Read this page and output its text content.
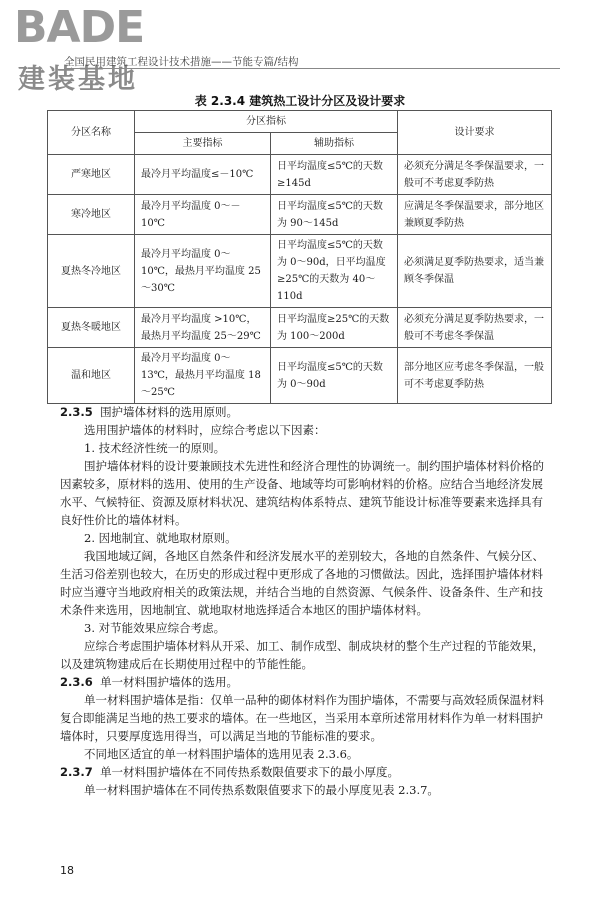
BADE
建装基地
全国民用建筑工程设计技术措施——节能专篇/结构
表 2.3.4 建筑热工设计分区及设计要求
分区名称	分区指标		设计要求
	主要指标	辅助指标	
严寒地区	最冷月平均温度≤－10℃	日平均温度≤5℃的天数≥145d	必须充分满足冬季保温要求，一般可不考虑夏季防热
寒冷地区	最冷月平均温度 0～－10℃	日平均温度≤5℃的天数为 90～145d	应满足冬季保温要求，部分地区兼顾夏季防热
夏热冬冷地区	最冷月平均温度 0～10℃，最热月平均温度 25～30℃	日平均温度≤5℃的天数为 0～90d，日平均温度≥25℃的天数为 40～110d	必须满足夏季防热要求，适当兼顾冬季保温
夏热冬暖地区	最冷月平均温度 >10℃，最热月平均温度 25～29℃	日平均温度≥25℃的天数为 100～200d	必须充分满足夏季防热要求，一般可不考虑冬季保温
温和地区	最冷月平均温度 0～13℃，最热月平均温度 18～25℃	日平均温度≤5℃的天数为 0～90d	部分地区应考虑冬季保温，一般可不考虑夏季防热

2.3.5 围护墙体材料的选用原则。

选用围护墙体的材料时，应综合考虑以下因素：

1. 技术经济性统一的原则。

围护墙体材料的设计要兼顾技术先进性和经济合理性的协调统一。制约围护墙体材料价格的因素较多，原材料的选用、使用的生产设备、地域等均可影响材料的价格。应结合当地经济发展水平、气候特征、资源及原材料状况、建筑结构体系特点、建筑节能设计标准等要素来选择具有良好性价比的墙体材料。

2. 因地制宜、就地取材原则。

我国地域辽阔，各地区自然条件和经济发展水平的差别较大，各地的自然条件、气候分区、生活习俗差别也较大，在历史的形成过程中更形成了各地的习惯做法。因此，选择围护墙体材料时应当遵守当地政府相关的政策法规，并结合当地的自然资源、气候条件、设备条件、生产和技术条件来选用，因地制宜、就地取材地选择适合本地区的围护墙体材料。

3. 对节能效果应综合考虑。

应综合考虑围护墙体材料从开采、加工、制作成型、制成块材的整个生产过程的节能效果，以及建筑物建成后在长期使用过程中的节能性能。

2.3.6 单一材料围护墙体的选用。

单一材料围护墙体是指：仅单一品种的砌体材料作为围护墙体，不需要与高效轻质保温材料复合即能满足当地的热工要求的墙体。在一些地区，当采用本章所述常用材料作为单一材料围护墙体时，只要厚度选用得当，可以满足当地的节能标准的要求。

不同地区适宜的单一材料围护墙体的选用见表 2.3.6。

2.3.7 单一材料围护墙体在不同传热系数限值要求下的最小厚度。

单一材料围护墙体在不同传热系数限值要求下的最小厚度见表 2.3.7。

18
